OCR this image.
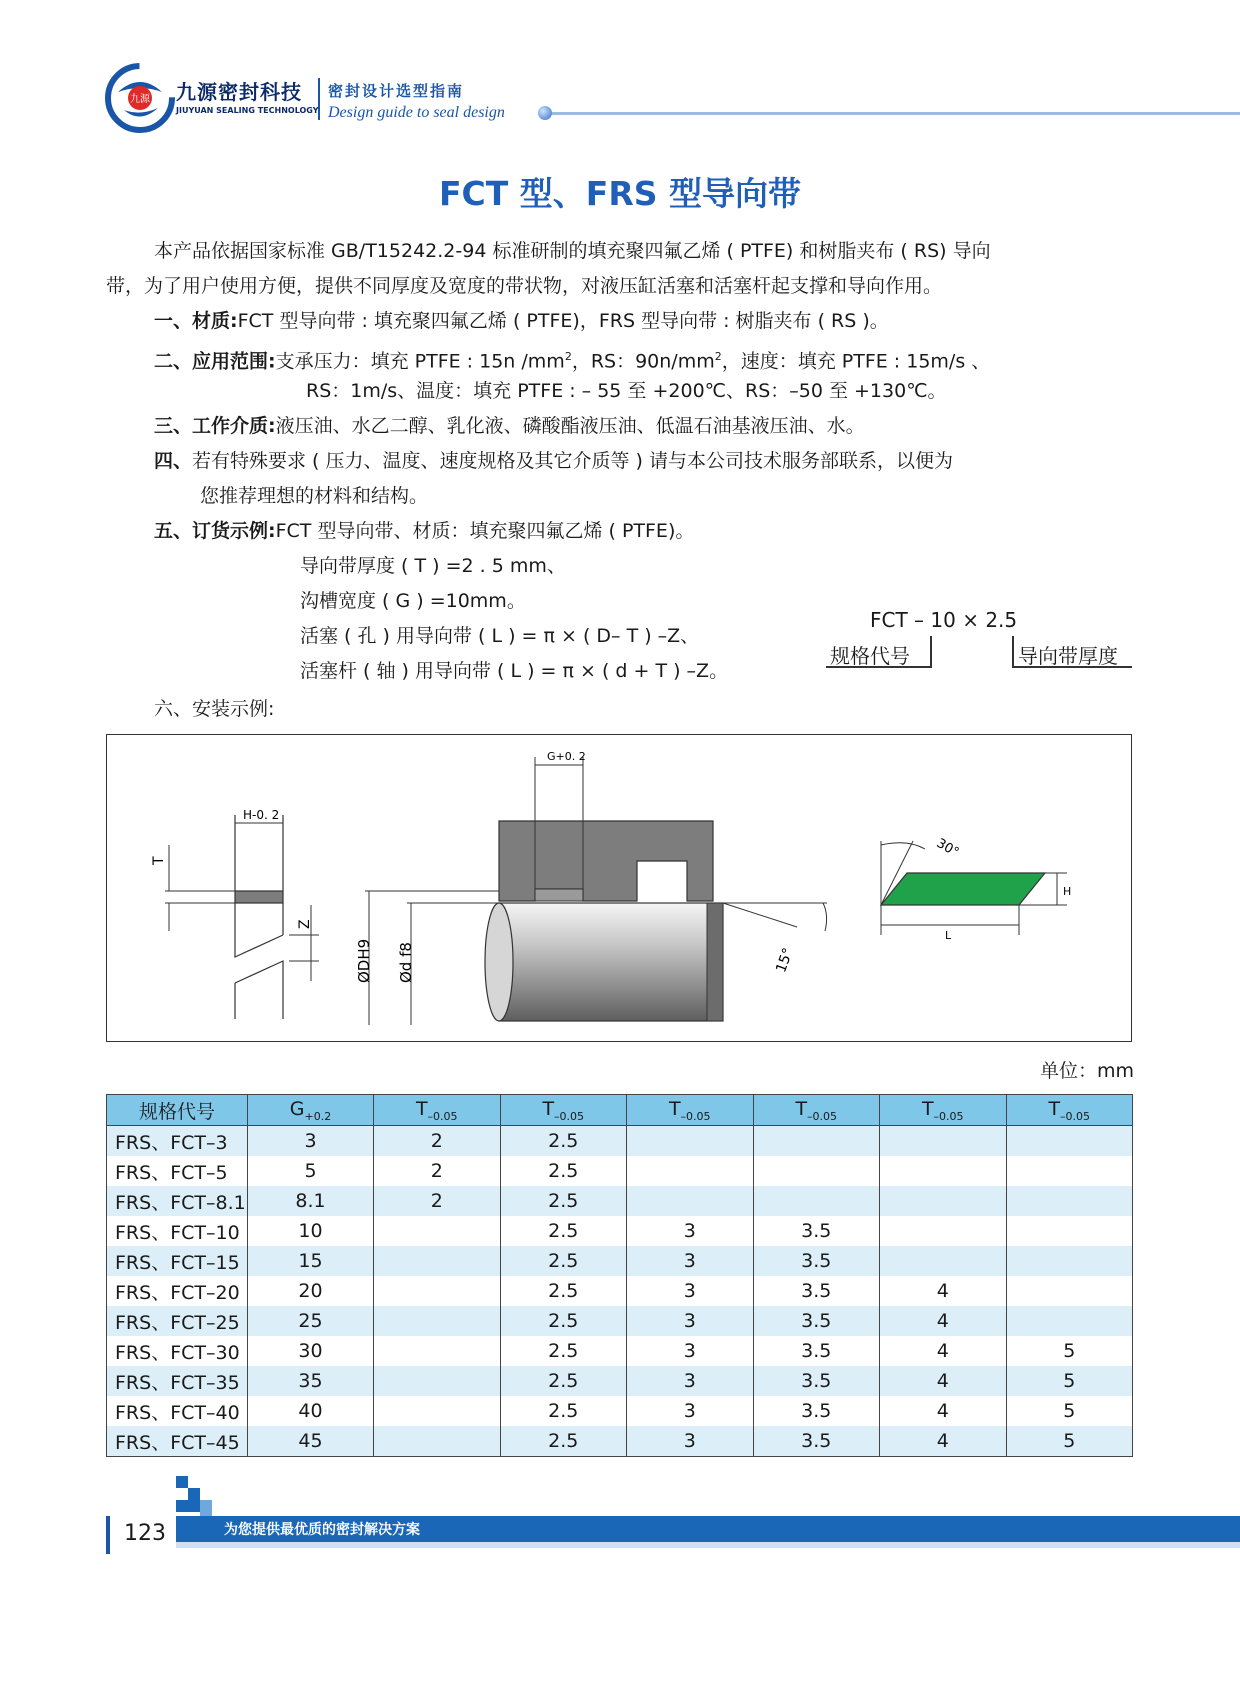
九源 九源密封科技
JIUYUAN SEALING TECHNOLOGY
密封设计选型指南
Design guide to seal design
FCT 型、FRS 型导向带
本产品依据国家标准 GB/T15242.2-94 标准研制的填充聚四氟乙烯 ( PTFE) 和树脂夹布 ( RS) 导向
带，为了用户使用方便，提供不同厚度及宽度的带状物，对液压缸活塞和活塞杆起支撑和导向作用。
一、材质:FCT 型导向带 : 填充聚四氟乙烯 ( PTFE)，FRS 型导向带 : 树脂夹布 ( RS )。
二、应用范围:支承压力：填充 PTFE : 15n $/mm^2$，RS：$90n/mm^2$，速度：填充 PTFE : 15m/s 、
RS：1m/s、温度：填充 PTFE : – 55 至 +200℃、RS：–50 至 +130℃。
三、工作介质:液压油、水乙二醇、乳化液、磷酸酯液压油、低温石油基液压油、水。
四、若有特殊要求 ( 压力、温度、速度规格及其它介质等 ) 请与本公司技术服务部联系，以便为
您推荐理想的材料和结构。
五、订货示例:FCT 型导向带、材质：填充聚四氟乙烯 ( PTFE)。
导向带厚度 ( T ) =2 . 5 mm、
沟槽宽度 ( G ) =10mm。
活塞 ( 孔 ) 用导向带 ( L ) = π × ( D– T ) –Z、
活塞杆 ( 轴 ) 用导向带 ( L ) = π × ( d + T ) –Z。
六、安装示例:
FCT – 10 × 2.5
规格代号	导向带厚度
H-0. 2
T
Z
G+0. 2
ØDH9 Ød f8	15°
L
H
30°
单位：mm
规格代号	$G_{+0.2}$	$T_{-0.05}$	$T_{-0.05}$	$T_{-0.05}$	$T_{-0.05}$	$T_{-0.05}$	$T_{-0.05}$
FRS、FCT–3	3	2	2.5				
FRS、FCT–5	5	2	2.5				
FRS、FCT–8.1	8.1	2	2.5				
FRS、FCT–10	10		2.5	3	3.5		
FRS、FCT–15	15		2.5	3	3.5		
FRS、FCT–20	20		2.5	3	3.5	4	
FRS、FCT–25	25		2.5	3	3.5	4	
FRS、FCT–30	30		2.5	3	3.5	4	5
FRS、FCT–35	35		2.5	3	3.5	4	5
FRS、FCT–40	40		2.5	3	3.5	4	5
FRS、FCT–45	45		2.5	3	3.5	4	5
123	为您提供最优质的密封解决方案
